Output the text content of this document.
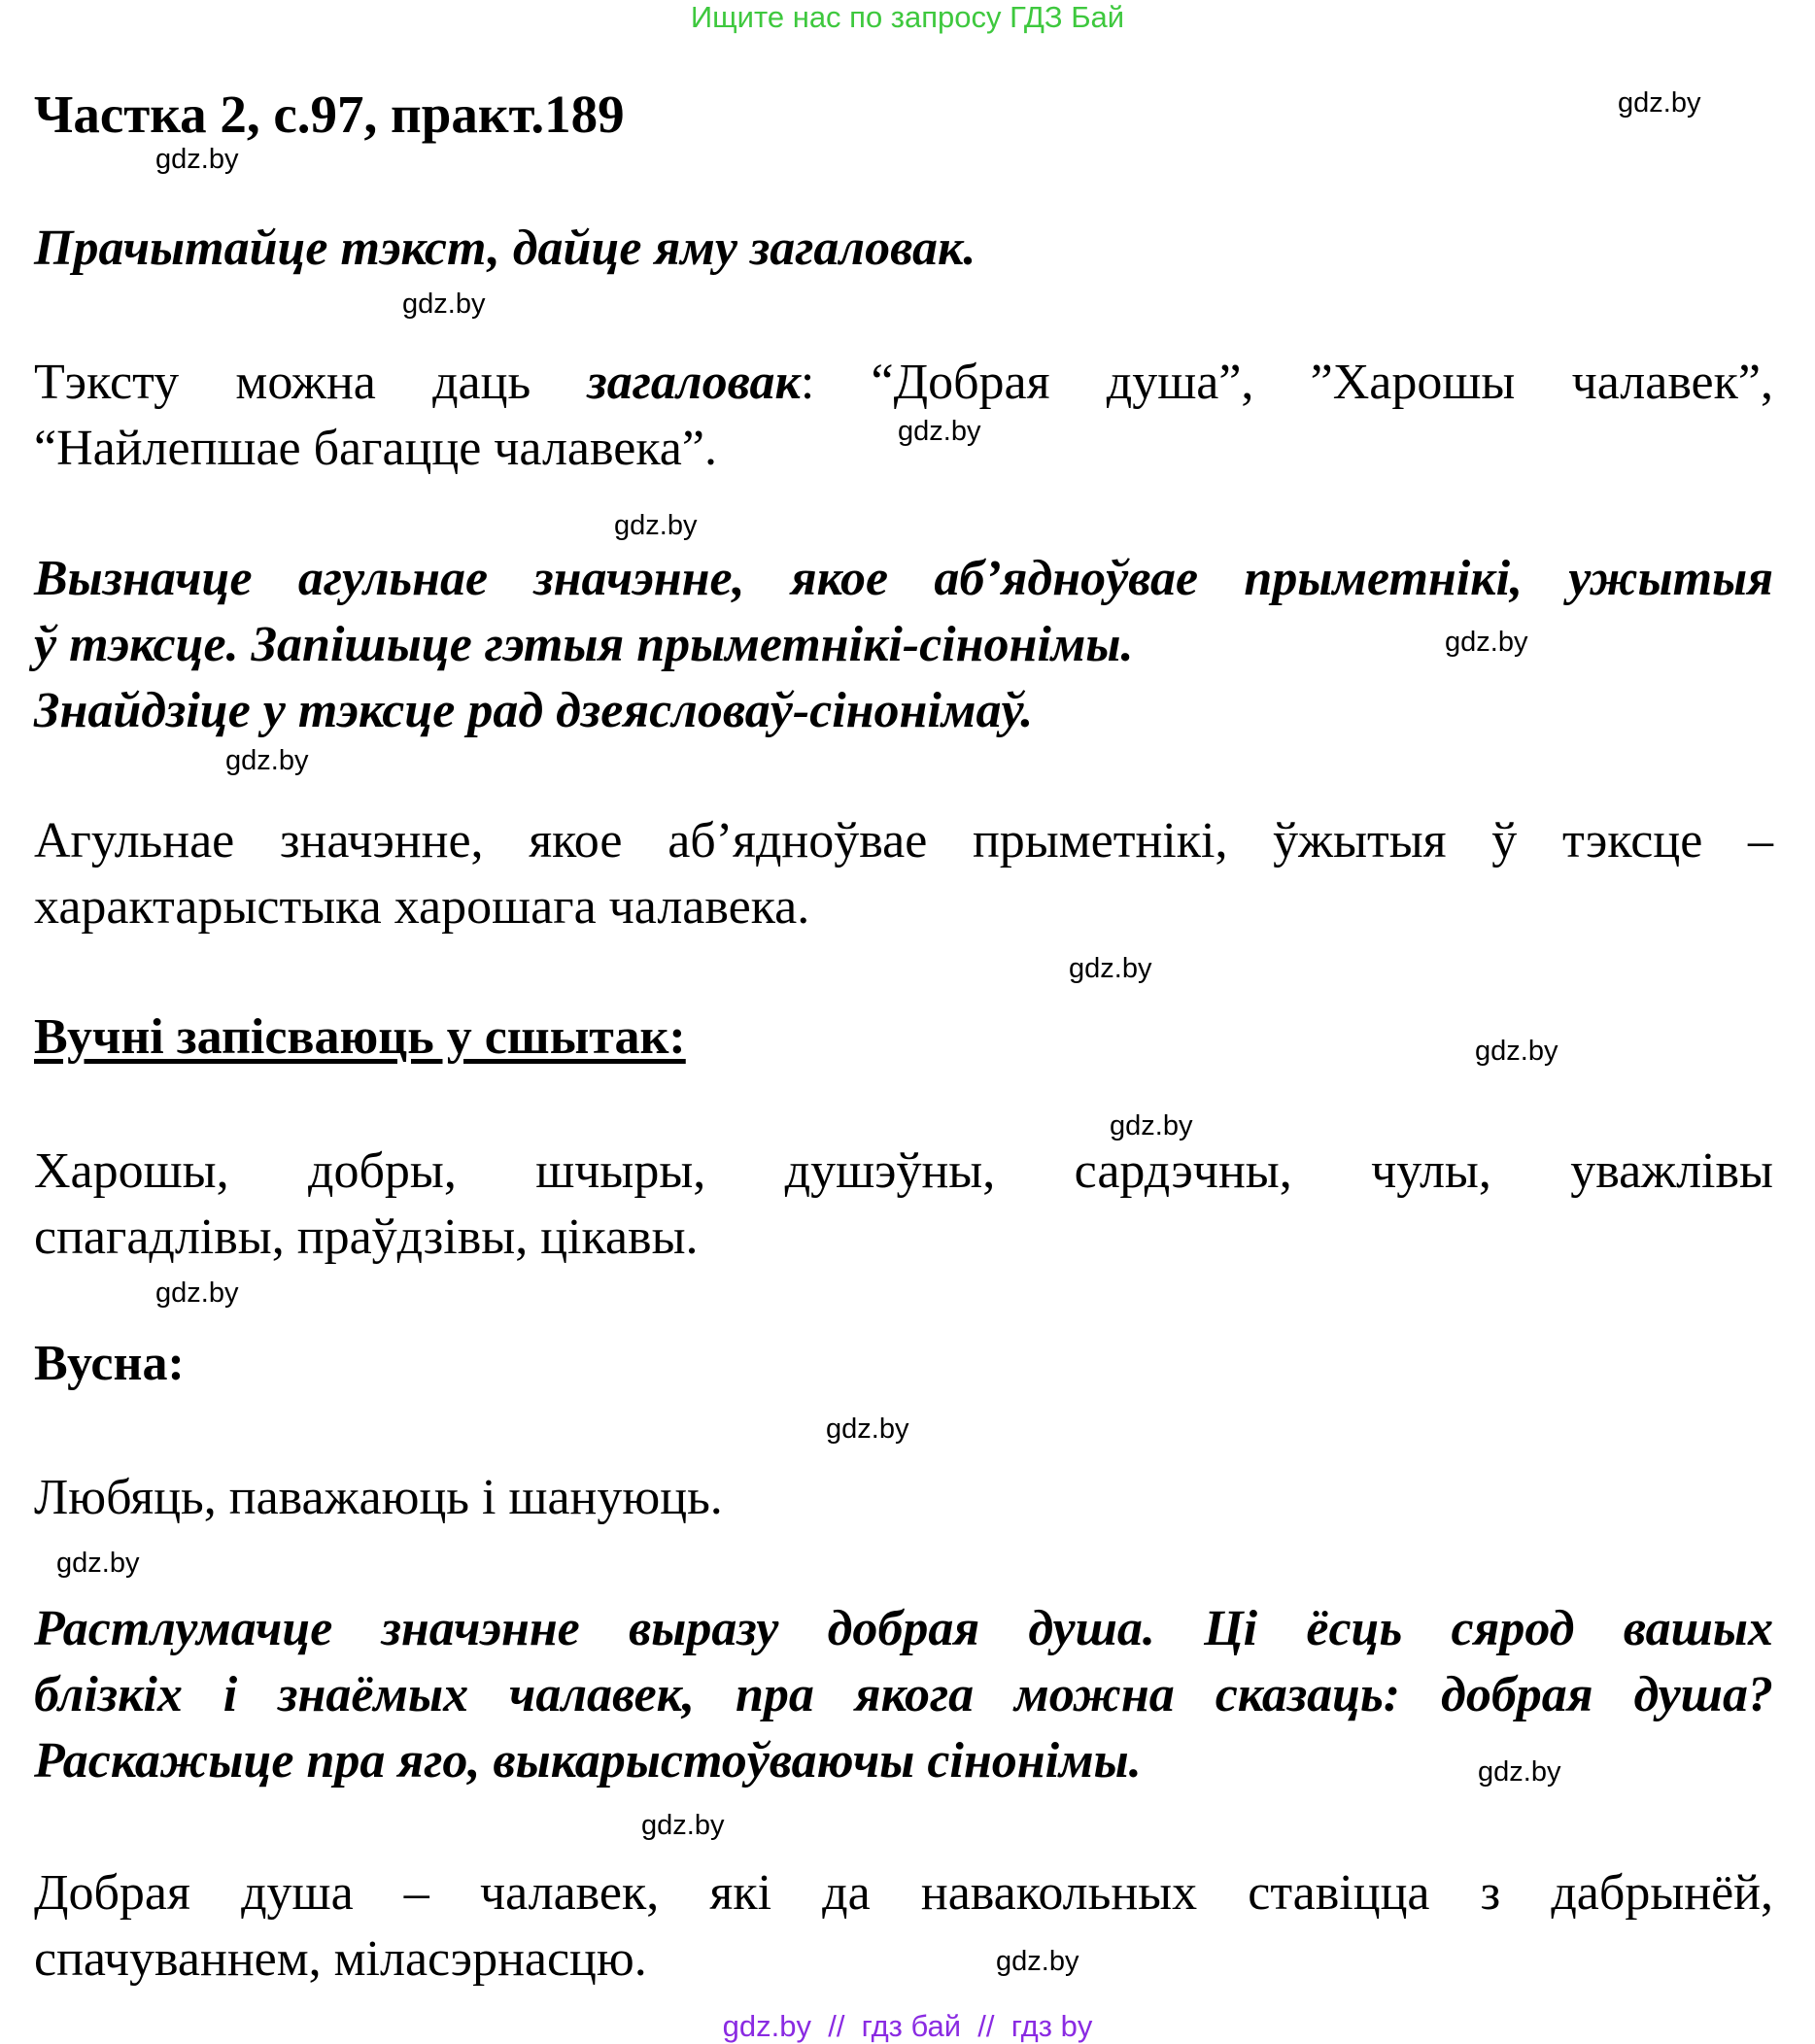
Ищите нас по запросу ГДЗ Бай
Частка 2, с.97, практ.189	gdz.by
gdz.by
Прачытайце тэкст, дайце яму загаловак.
gdz.by
Тэксту можна даць загаловак: “Добрая душа”, ”Харошы чалавек”,
“Найлепшае багацце чалавека”.	gdz.by
gdz.by
Вызначце агульнае значэнне, якое аб’ядноўвае прыметнікі, ужытыя
ў тэксце. Запішыце гэтыя прыметнікі-сінонімы.
Знайдзіце у тэксце рад дзеясловаў-сінонімаў.
gdz.by
gdz.by
Агульнае значэнне, якое аб’ядноўвае прыметнікі, ўжытыя ў тэксце –
характарыстыка харошага чалавека.
gdz.by
Вучні запісваюць у сшытак:	gdz.by
gdz.by
Харошы, добры, шчыры, душэўны, сардэчны, чулы, уважлівы
спагадлівы, праўдзівы, цікавы.
gdz.by
Вусна:
gdz.by
Любяць, паважаюць і шануюць.
gdz.by
Растлумачце значэнне выразу добрая душа. Ці ёсць сярод вашых
блізкіх і знаёмых чалавек, пра якога можна сказаць: добрая душа?
Раскажыце пра яго, выкарыстоўваючы сінонімы.	gdz.by
gdz.by
Добрая душа – чалавек, які да навакольных ставіцца з дабрынёй,
спачуваннем, міласэрнасцю.	gdz.by
gdz.by  //  гдз бай  //  гдз by
